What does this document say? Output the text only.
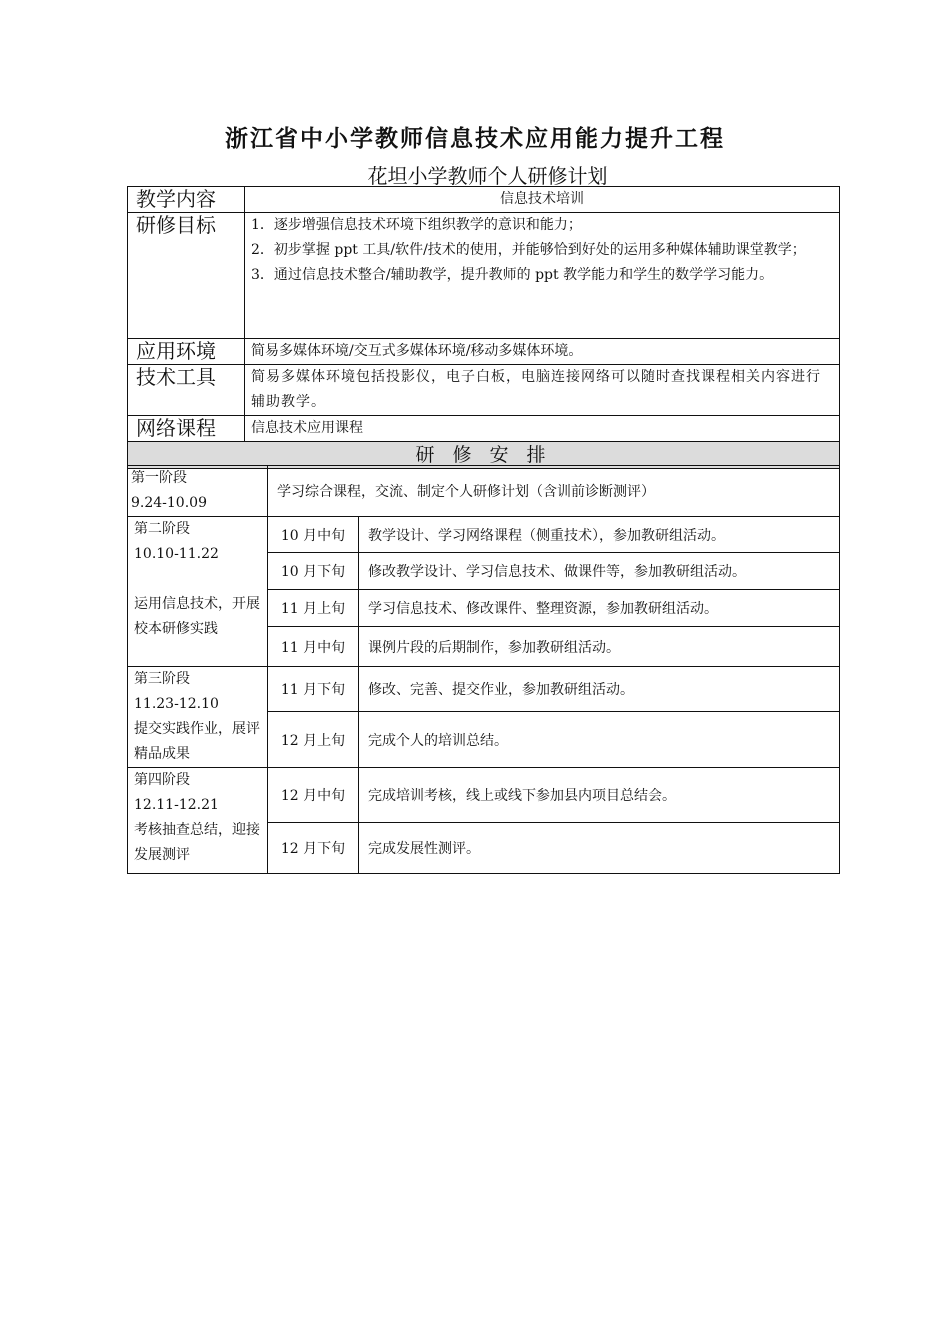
浙江省中小学教师信息技术应用能力提升工程
花坦小学教师个人研修计划
教学内容	信息技术培训
研修目标	1．逐步增强信息技术环境下组织教学的意识和能力；
2．初步掌握 ppt 工具/软件/技术的使用，并能够恰到好处的运用多种媒体辅助课堂教学；
3．通过信息技术整合/辅助教学，提升教师的 ppt 教学能力和学生的数学学习能力。

应用环境	简易多媒体环境/交互式多媒体环境/移动多媒体环境。
技术工具	简易多媒体环境包括投影仪，电子白板，电脑连接网络可以随时查找课程相关内容进行辅助教学。
网络课程	信息技术应用课程
研 修 安 排	
第一阶段
9.24-10.09	学习综合课程，交流、制定个人研修计划（含训前诊断测评）	

第二阶段
10.10-11.22
运用信息技术，开展校本研修实践	10 月中旬	教学设计、学习网络课程（侧重技术），参加教研组活动。
	10 月下旬	修改教学设计、学习信息技术、做课件等，参加教研组活动。
	11 月上旬	学习信息技术、修改课件、整理资源，参加教研组活动。
	11 月中旬	课例片段的后期制作，参加教研组活动。

第三阶段
11.23-12.10
提交实践作业，展评精品成果	11 月下旬	修改、完善、提交作业，参加教研组活动。
	12 月上旬	完成个人的培训总结。

第四阶段
12.11-12.21
考核抽查总结，迎接发展测评	12 月中旬	完成培训考核，线上或线下参加县内项目总结会。
	12 月下旬	完成发展性测评。
